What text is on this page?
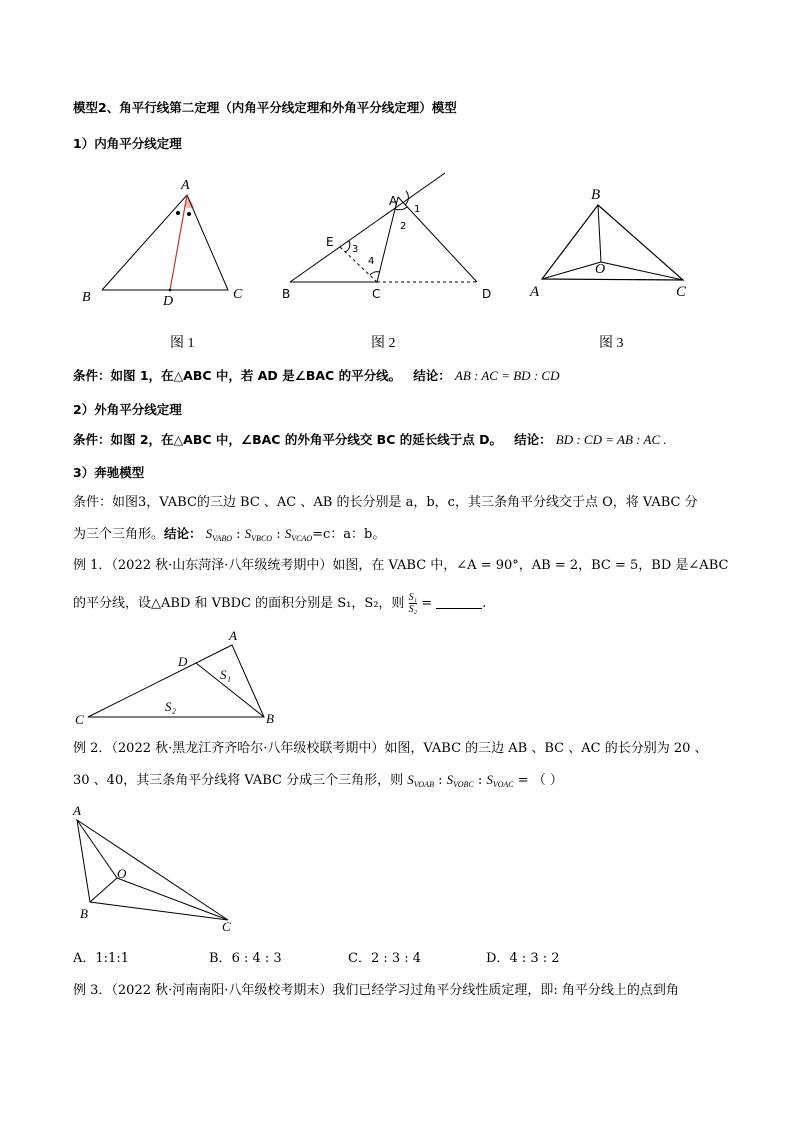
模型2、角平行线第二定理（内角平分线定理和外角平分线定理）模型
1）内角平分线定理
A
B	C
D
图 1
A
B	C	D
E
1
2
3
4
图 2
B
A	C
O
图 3
条件：如图 1，在△ABC 中，若 AD 是∠BAC 的平分线。 结论： AB : AC = BD : CD
2）外角平分线定理
条件：如图 2，在△ABC 中，∠BAC 的外角平分线交 BC 的延长线于点 D。 结论： BD : CD = AB : AC .
3）奔驰模型
条件：如图3，VABC的三边 BC 、AC 、AB 的长分别是 a，b，c，其三条角平分线交于点 O，将 VABC 分
为三个三角形。结论： $S_{VABO}$ : $S_{VBCO}$ : $S_{VCAO}=c$：a：b。
例 1．（2022 秋·山东菏泽·八年级统考期中）如图，在 VABC 中，∠A = 90°，AB = 2，BC = 5，BD 是∠ABC
的平分线，设△ABD 和 VBDC 的面积分别是 S₁，S₂，则 $\frac{\text{S₁}}{\text{S₂}}$ =	.
A
D
C	B
S₁
S₂
例 2．（2022 秋·黑龙江齐齐哈尔·八年级校联考期中）如图，VABC 的三边 AB 、BC 、AC 的长分别为 20 、
30 、40，其三条角平分线将 VABC 分成三个三角形，则 $S_{VOAB}$ : $S_{VOBC}$ : $S_{VOAC}$ = （ ）
A
B
C
O
A．1:1:1	B．6 : 4 : 3	C．2 : 3 : 4	D．4 : 3 : 2
例 3．（2022 秋·河南南阳·八年级校考期末）我们已经学习过角平分线性质定理，即: 角平分线上的点到角
